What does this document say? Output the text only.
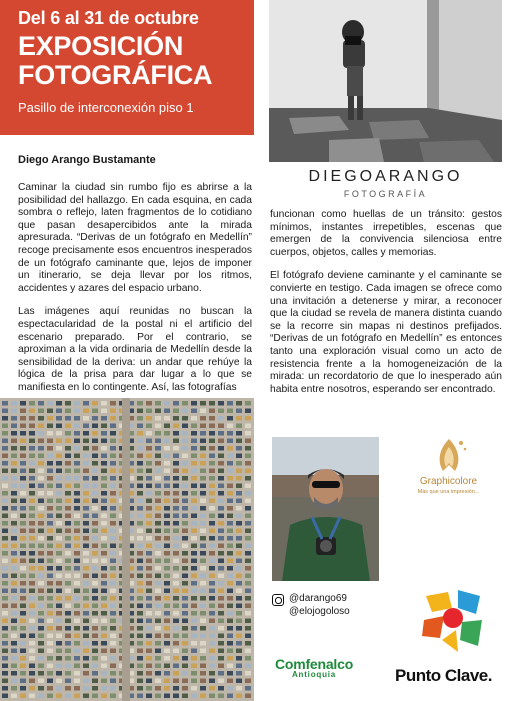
Del 6 al 31 de octubre
EXPOSICIÓN
FOTOGRÁFICA
Pasillo de interconexión piso 1
DIEGOARANGO
FOTOGRAFÍA
Diego Arango Bustamante

Caminar la ciudad sin rumbo fijo es abrirse a la posibilidad del hallazgo. En cada esquina, en cada sombra o reflejo, laten fragmentos de lo cotidiano que pasan desapercibidos ante la mirada apresurada. “Derivas de un fotógrafo en Medellín” recoge precisamente esos encuentros inesperados de un fotógrafo caminante que, lejos de imponer un itinerario, se deja llevar por los ritmos, accidentes y azares del espacio urbano.

Las imágenes aquí reunidas no buscan la espectacularidad de la postal ni el artificio del escenario preparado. Por el contrario, se aproximan a la vida ordinaria de Medellín desde la sensibilidad de la deriva: un andar que rehúye la lógica de la prisa para dar lugar a lo que se manifiesta en lo contingente. Así, las fotografías

funcionan como huellas de un tránsito: gestos mínimos, instantes irrepetibles, escenas que emergen de la convivencia silenciosa entre cuerpos, objetos, calles y memorias.

El fotógrafo deviene caminante y el caminante se convierte en testigo. Cada imagen se ofrece como una invitación a detenerse y mirar, a reconocer que la ciudad se revela de manera distinta cuando se la recorre sin mapas ni destinos prefijados. “Derivas de un fotógrafo en Medellín” es entonces tanto una exploración visual como un acto de resistencia frente a la homogeneización de la mirada: un recordatorio de que lo inesperado aún habita entre nosotros, esperando ser encontrado.

Graphicolore
Más que una impresión...
@darango69
@elojogoloso
Comfenalco
Antioquia	Punto Clave.
